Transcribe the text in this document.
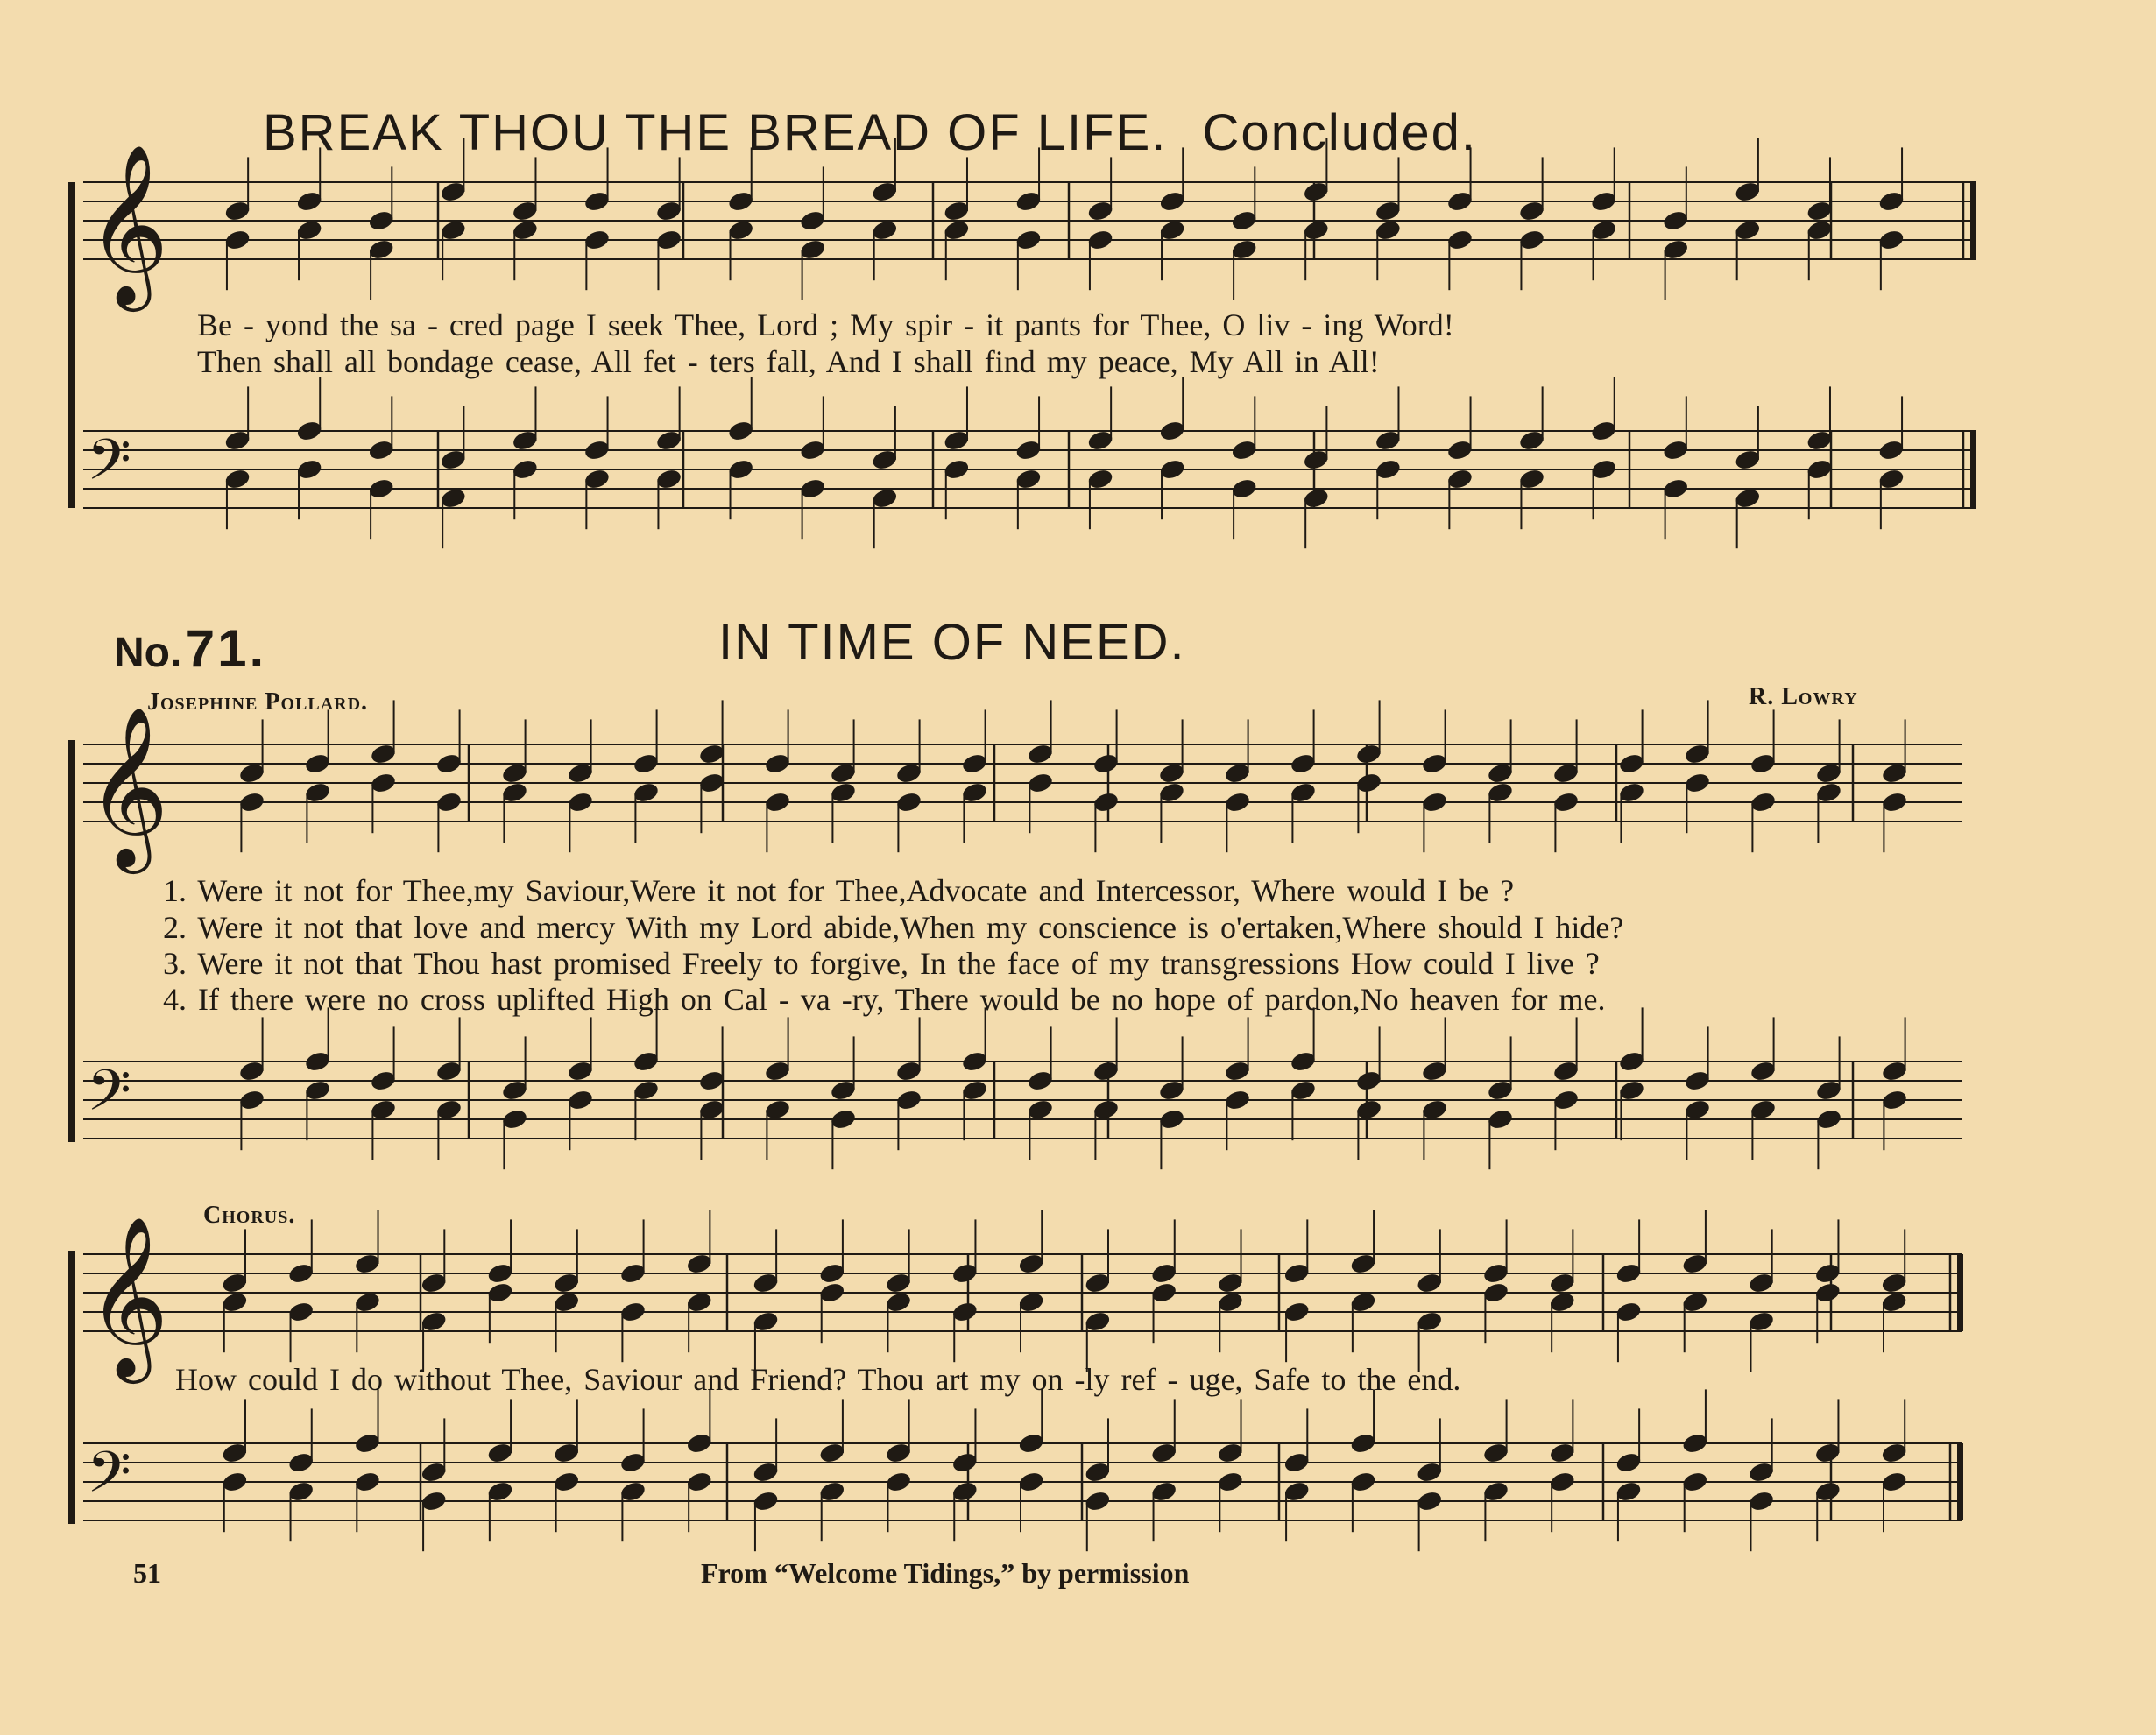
𝄞
𝄢
𝄞
𝄢
𝄞
𝄢
BREAK THOU THE BREAD OF LIFE. Concluded.
Be - yond the sa - cred page I seek Thee, Lord ; My spir - it pants for Thee, O liv - ing Word!
Then shall all bondage cease, All fet - ters fall, And I shall find my peace, My All in All!
No. 71.	IN TIME OF NEED.
Josephine Pollard.	R. Lowry
1. Were it not for Thee,my Saviour,Were it not for Thee,Advocate and Intercessor, Where would I be ?
2. Were it not that love and mercy With my Lord abide,When my conscience is o'ertaken,Where should I hide?
3. Were it not that Thou hast promised Freely to forgive, In the face of my transgressions How could I live ?
4. If there were no cross uplifted High on Cal - va -ry, There would be no hope of pardon,No heaven for me.
Chorus.
How could I do without Thee, Saviour and Friend? Thou art my on -ly ref - uge, Safe to the end.
51	From “Welcome Tidings,” by permission
